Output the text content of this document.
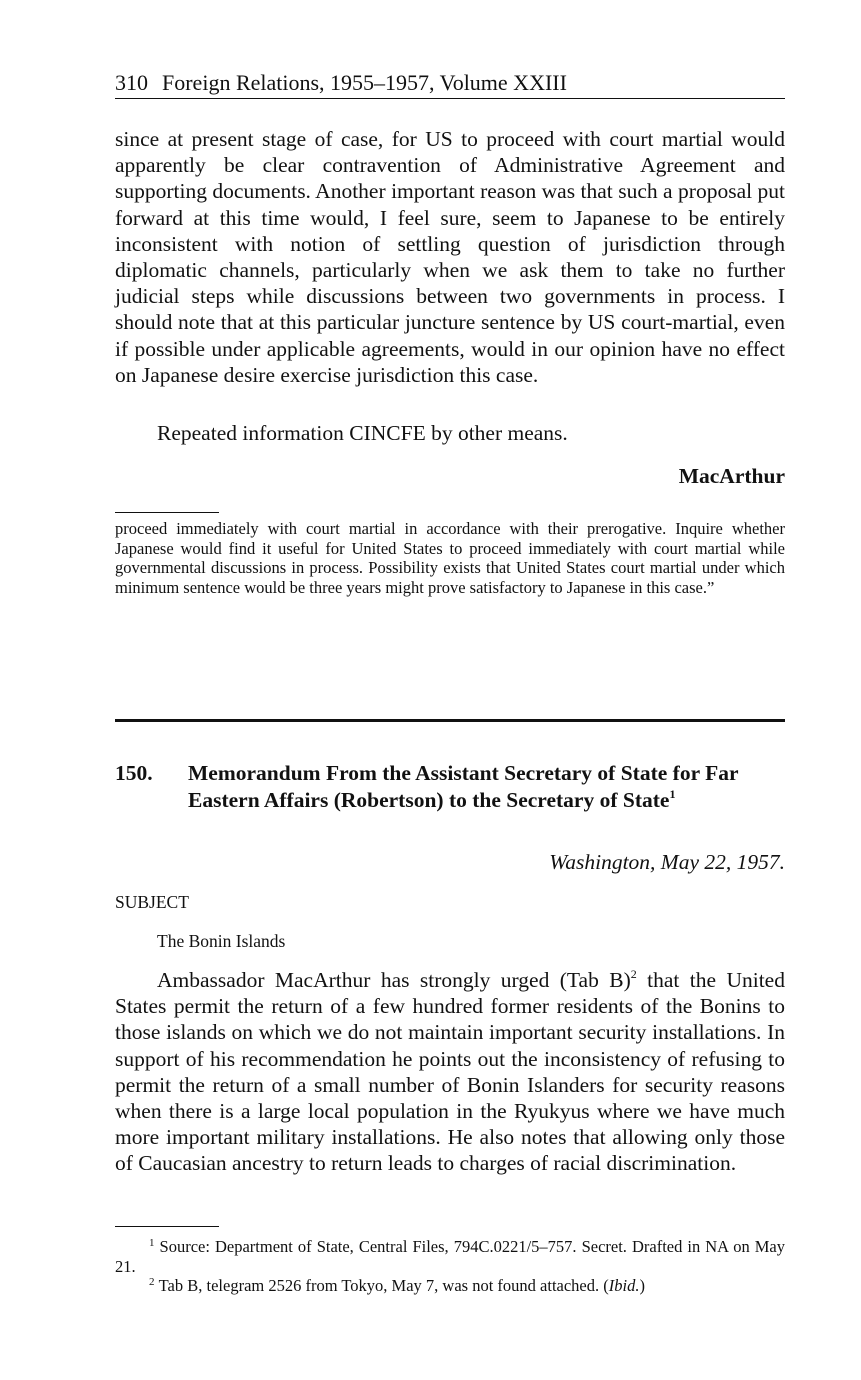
310 Foreign Relations, 1955–1957, Volume XXIII

since at present stage of case, for US to proceed with court martial would apparently be clear contravention of Administrative Agreement and supporting documents. Another important reason was that such a proposal put forward at this time would, I feel sure, seem to Japanese to be entirely inconsistent with notion of settling question of jurisdiction through diplomatic channels, particularly when we ask them to take no further judicial steps while discussions between two governments in process. I should note that at this particular juncture sentence by US court-martial, even if possible under applicable agreements, would in our opinion have no effect on Japanese desire exercise jurisdiction this case.

Repeated information CINCFE by other means.

MacArthur

proceed immediately with court martial in accordance with their prerogative. Inquire whether Japanese would find it useful for United States to proceed immediately with court martial while governmental discussions in process. Possibility exists that United States court martial under which minimum sentence would be three years might prove satisfactory to Japanese in this case.”

150. Memorandum From the Assistant Secretary of State for Far Eastern Affairs (Robertson) to the Secretary of State$^1$
Washington, May 22, 1957.
SUBJECT
The Bonin Islands

Ambassador MacArthur has strongly urged (Tab B)$^2$ that the United States permit the return of a few hundred former residents of the Bonins to those islands on which we do not maintain important security installations. In support of his recommendation he points out the inconsistency of refusing to permit the return of a small number of Bonin Islanders for security reasons when there is a large local population in the Ryukyus where we have much more important military installations. He also notes that allowing only those of Caucasian ancestry to return leads to charges of racial discrimination.

$^1$ Source: Department of State, Central Files, 794C.0221/5–757. Secret. Drafted in NA on May 21.

$^2$ Tab B, telegram 2526 from Tokyo, May 7, was not found attached. (Ibid.)
